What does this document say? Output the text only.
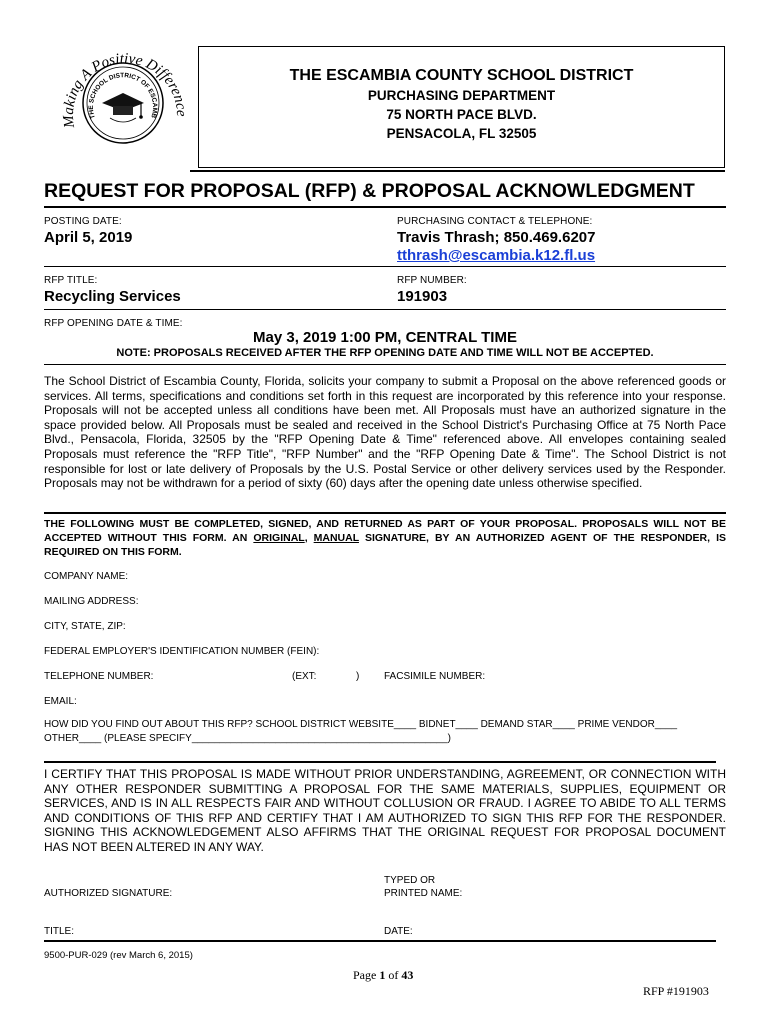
Making A Positive Difference
THE SCHOOL DISTRICT OF ESCAMB
THE ESCAMBIA COUNTY SCHOOL DISTRICT
PURCHASING DEPARTMENT
75 NORTH PACE BLVD.
PENSACOLA, FL 32505
REQUEST FOR PROPOSAL (RFP) & PROPOSAL ACKNOWLEDGMENT
POSTING DATE:
April 5, 2019
PURCHASING CONTACT & TELEPHONE:
Travis Thrash; 850.469.6207
tthrash@escambia.k12.fl.us
RFP TITLE:
Recycling Services
RFP NUMBER:
191903
RFP OPENING DATE & TIME:
May 3, 2019 1:00 PM, CENTRAL TIME
NOTE: PROPOSALS RECEIVED AFTER THE RFP OPENING DATE AND TIME WILL NOT BE ACCEPTED.
The School District of Escambia County, Florida, solicits your company to submit a Proposal on the above referenced goods or services. All terms, specifications and conditions set forth in this request are incorporated by this reference into your response. Proposals will not be accepted unless all conditions have been met. All Proposals must have an authorized signature in the space provided below. All Proposals must be sealed and received in the School District's Purchasing Office at 75 North Pace Blvd., Pensacola, Florida, 32505 by the "RFP Opening Date & Time" referenced above. All envelopes containing sealed Proposals must reference the "RFP Title", "RFP Number" and the "RFP Opening Date & Time". The School District is not responsible for lost or late delivery of Proposals by the U.S. Postal Service or other delivery services used by the Responder. Proposals may not be withdrawn for a period of sixty (60) days after the opening date unless otherwise specified.
THE FOLLOWING MUST BE COMPLETED, SIGNED, AND RETURNED AS PART OF YOUR PROPOSAL. PROPOSALS WILL NOT BE ACCEPTED WITHOUT THIS FORM. AN ORIGINAL, MANUAL SIGNATURE, BY AN AUTHORIZED AGENT OF THE RESPONDER, IS REQUIRED ON THIS FORM.
COMPANY NAME:
MAILING ADDRESS:
CITY, STATE, ZIP:
FEDERAL EMPLOYER'S IDENTIFICATION NUMBER (FEIN):
TELEPHONE NUMBER:	(EXT:	) FACSIMILE NUMBER:
EMAIL:
HOW DID YOU FIND OUT ABOUT THIS RFP? SCHOOL DISTRICT WEBSITE____ BIDNET____ DEMAND STAR____ PRIME VENDOR____
OTHER____ (PLEASE SPECIFY______________________________________________)
I CERTIFY THAT THIS PROPOSAL IS MADE WITHOUT PRIOR UNDERSTANDING, AGREEMENT, OR CONNECTION WITH ANY OTHER RESPONDER SUBMITTING A PROPOSAL FOR THE SAME MATERIALS, SUPPLIES, EQUIPMENT OR SERVICES, AND IS IN ALL RESPECTS FAIR AND WITHOUT COLLUSION OR FRAUD. I AGREE TO ABIDE TO ALL TERMS AND CONDITIONS OF THIS RFP AND CERTIFY THAT I AM AUTHORIZED TO SIGN THIS RFP FOR THE RESPONDER. SIGNING THIS ACKNOWLEDGEMENT ALSO AFFIRMS THAT THE ORIGINAL REQUEST FOR PROPOSAL DOCUMENT HAS NOT BEEN ALTERED IN ANY WAY.
AUTHORIZED SIGNATURE:
TYPED OR
PRINTED NAME:
TITLE:	DATE:
9500-PUR-029 (rev March 6, 2015)
Page 1 of 43
RFP #191903
